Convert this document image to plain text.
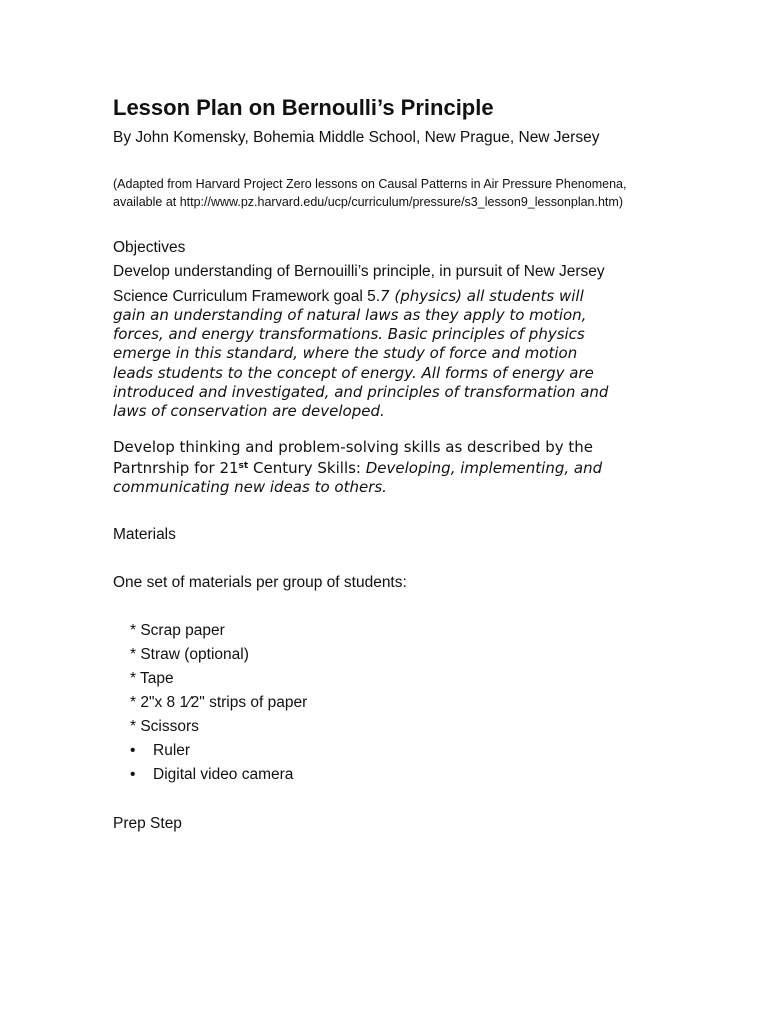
Lesson Plan on Bernoulli’s Principle
By John Komensky, Bohemia Middle School, New Prague, New Jersey
(Adapted from Harvard Project Zero lessons on Causal Patterns in Air Pressure Phenomena,
available at http://www.pz.harvard.edu/ucp/curriculum/pressure/s3_lesson9_lessonplan.htm)
Objectives
Develop understanding of Bernouilli’s principle, in pursuit of New Jersey
Science Curriculum Framework goal 5.7 (physics) all students will
gain an understanding of natural laws as they apply to motion,
forces, and energy transformations. Basic principles of physics
emerge in this standard, where the study of force and motion
leads students to the concept of energy. All forms of energy are
introduced and investigated, and principles of transformation and
laws of conservation are developed.
Develop thinking and problem-solving skills as described by the Partnrship for 21st Century Skills: Developing, implementing, and communicating new ideas to others.
Materials
One set of materials per group of students:
* Scrap paper
* Straw (optional)
* Tape
* 2"x 8 1⁄2" strips of paper
* Scissors
• Ruler
• Digital video camera
Prep Step
